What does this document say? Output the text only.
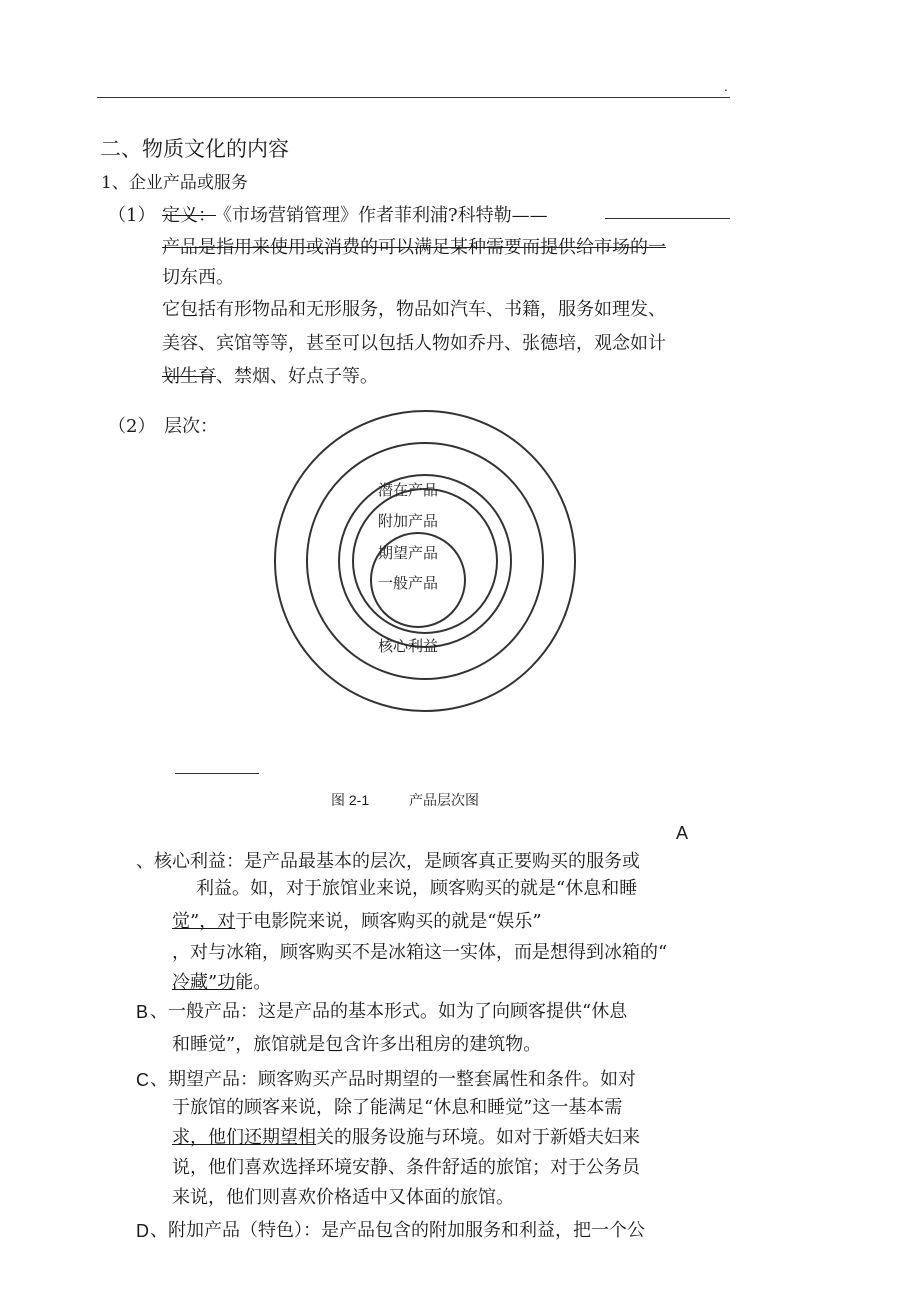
.
二、物质文化的内容
1、企业产品或服务
（1） 定义：
《市场营销管理》作者菲利浦?科特勒——
产品是指用来使用或消费的可以满足某种需要而提供给市场的一
切东西。
它包括有形物品和无形服务，物品如汽车、书籍，服务如理发、
美容、宾馆等等，甚至可以包括人物如乔丹、张德培，观念如计
划生育、禁烟、好点子等。
（2） 层次：
潜在产品
附加产品
期望产品
一般产品
核心利益
图 2-1	产品层次图
A
、核心利益：是产品最基本的层次，是顾客真正要购买的服务或
利益。如，对于旅馆业来说，顾客购买的就是“休息和睡
觉”，对于电影院来说，顾客购买的就是“娱乐”
，对与冰箱，顾客购买不是冰箱这一实体，而是想得到冰箱的“
冷藏”功能。
B 、一般产品：这是产品的基本形式。如为了向顾客提供“休息
和睡觉”，旅馆就是包含许多出租房的建筑物。
C 、期望产品：顾客购买产品时期望的一整套属性和条件。如对
于旅馆的顾客来说，除了能满足“休息和睡觉”这一基本需
求，他们还期望相关的服务设施与环境。如对于新婚夫妇来
说，他们喜欢选择环境安静、条件舒适的旅馆；对于公务员
来说，他们则喜欢价格适中又体面的旅馆。
D 、附加产品（特色）：是产品包含的附加服务和利益，把一个公
